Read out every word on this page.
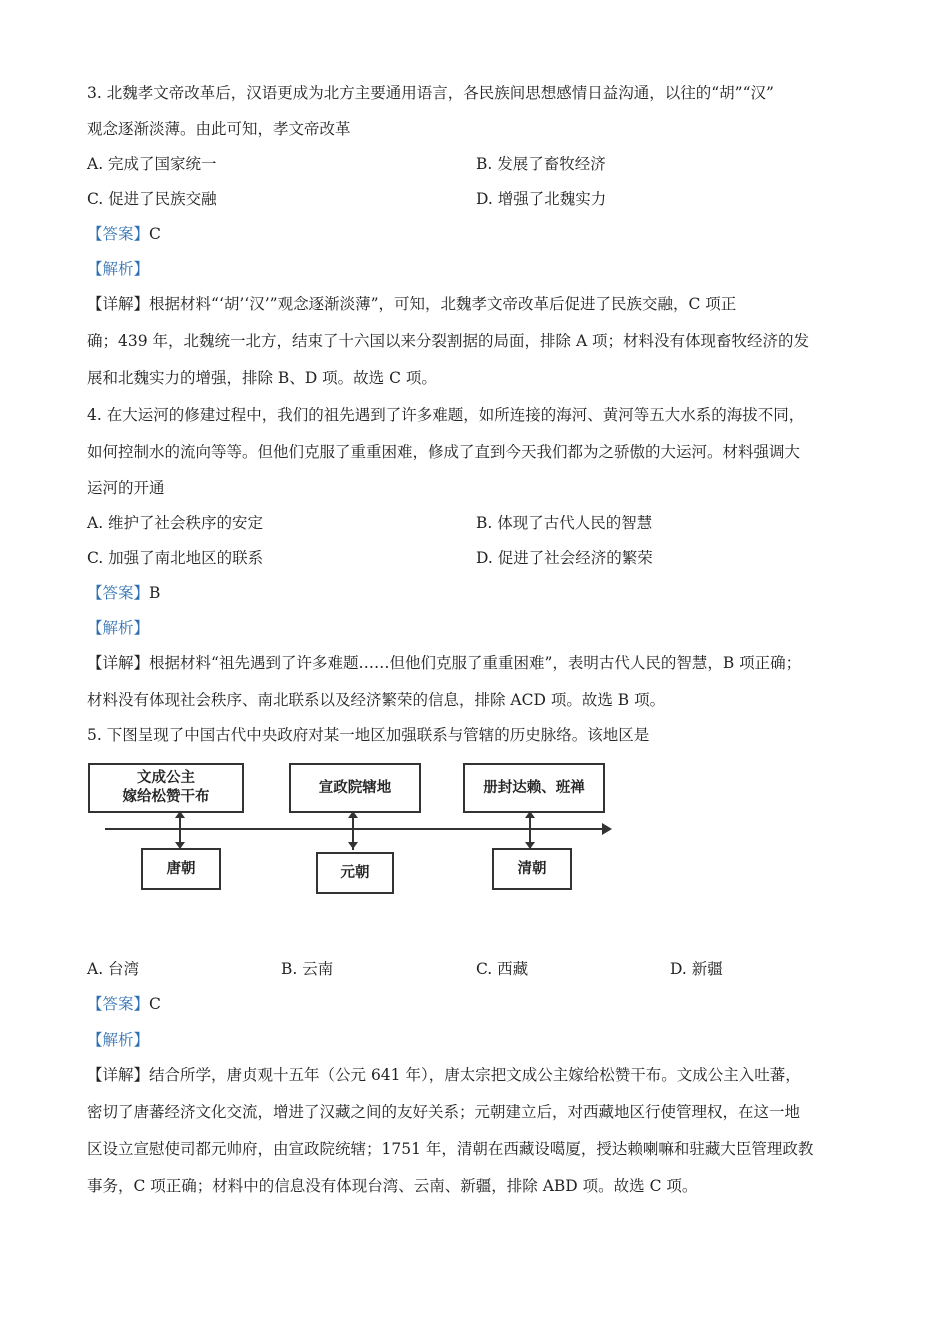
3. 北魏孝文帝改革后，汉语更成为北方主要通用语言，各民族间思想感情日益沟通，以往的“胡”“汉”
观念逐渐淡薄。由此可知，孝文帝改革
A. 完成了国家统一	B. 发展了畜牧经济
C. 促进了民族交融	D. 增强了北魏实力
【答案】C
【解析】
【详解】根据材料“‘胡’‘汉’”观念逐渐淡薄”，可知，北魏孝文帝改革后促进了民族交融，C 项正
确；439 年，北魏统一北方，结束了十六国以来分裂割据的局面，排除 A 项；材料没有体现畜牧经济的发
展和北魏实力的增强，排除 B、D 项。故选 C 项。
4. 在大运河的修建过程中，我们的祖先遇到了许多难题，如所连接的海河、黄河等五大水系的海拔不同，
如何控制水的流向等等。但他们克服了重重困难，修成了直到今天我们都为之骄傲的大运河。材料强调大
运河的开通
A. 维护了社会秩序的安定	B. 体现了古代人民的智慧
C. 加强了南北地区的联系	D. 促进了社会经济的繁荣
【答案】B
【解析】
【详解】根据材料“祖先遇到了许多难题……但他们克服了重重困难”，表明古代人民的智慧，B 项正确；
材料没有体现社会秩序、南北联系以及经济繁荣的信息，排除 ACD 项。故选 B 项。
5. 下图呈现了中国古代中央政府对某一地区加强联系与管辖的历史脉络。该地区是
文成公主
嫁给松赞干布
宣政院辖地	册封达赖、班禅
唐朝	元朝	清朝
A. 台湾	B. 云南	C. 西藏	D. 新疆
【答案】C
【解析】
【详解】结合所学，唐贞观十五年（公元 641 年），唐太宗把文成公主嫁给松赞干布。文成公主入吐蕃，
密切了唐蕃经济文化交流，增进了汉藏之间的友好关系；元朝建立后，对西藏地区行使管理权，在这一地
区设立宣慰使司都元帅府，由宣政院统辖；1751 年，清朝在西藏设噶厦，授达赖喇嘛和驻藏大臣管理政教
事务，C 项正确；材料中的信息没有体现台湾、云南、新疆，排除 ABD 项。故选 C 项。
